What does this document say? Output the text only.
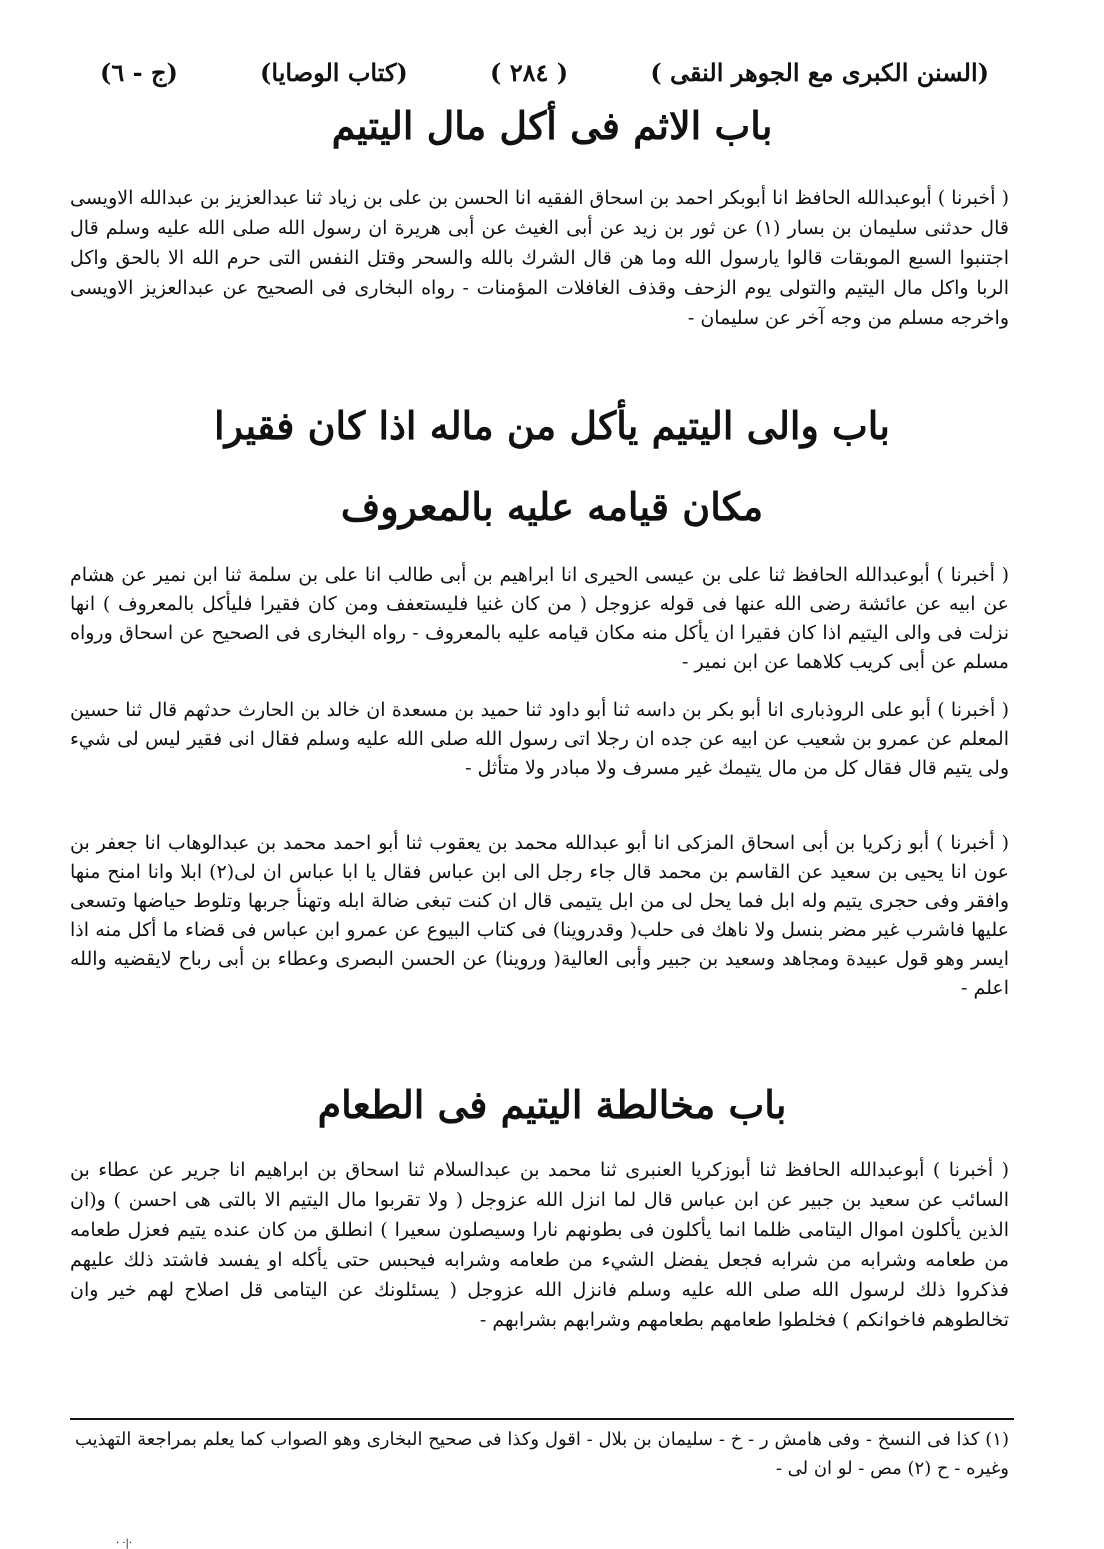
(السنن الكبرى مع الجوهر النقى )
( ٢٨٤ )
(كتاب الوصايا)
(ج - ٦)
باب الاثم فى أكل مال اليتيم
( أخبرنا ) أبوعبدالله الحافظ انا أبوبكر احمد بن اسحاق الفقيه انا الحسن بن على بن زياد ثنا عبدالعزيز بن عبدالله الاويسى قال حدثنى سليمان بن بسار (١) عن ثور بن زيد عن أبى الغيث عن أبى هريرة ان رسول الله صلى الله عليه وسلم قال اجتنبوا السبع الموبقات قالوا يارسول الله وما هن قال الشرك بالله والسحر وقتل النفس التى حرم الله الا بالحق واكل الربا واكل مال اليتيم والتولى يوم الزحف وقذف الغافلات المؤمنات - رواه البخارى فى الصحيح عن عبدالعزيز الاويسى واخرجه مسلم من وجه آخر عن سليمان -
باب والى اليتيم يأكل من ماله اذا كان فقيرا
مكان قيامه عليه بالمعروف
( أخبرنا ) أبوعبدالله الحافظ ثنا على بن عيسى الحيرى انا ابراهيم بن أبى طالب انا على بن سلمة ثنا ابن نمير عن هشام عن ابيه عن عائشة رضى الله عنها فى قوله عزوجل ( من كان غنيا فليستعفف ومن كان فقيرا فليأكل بالمعروف ) انها نزلت فى والى اليتيم اذا كان فقيرا ان يأكل منه مكان قيامه عليه بالمعروف - رواه البخارى فى الصحيح عن اسحاق ورواه مسلم عن أبى كريب كلاهما عن ابن نمير -
( أخبرنا ) أبو على الروذبارى انا أبو بكر بن داسه ثنا أبو داود ثنا حميد بن مسعدة ان خالد بن الحارث حدثهم قال ثنا حسين المعلم عن عمرو بن شعيب عن ابيه عن جده ان رجلا اتى رسول الله صلى الله عليه وسلم فقال انى فقير ليس لى شيء ولى يتيم قال فقال كل من مال يتيمك غير مسرف ولا مبادر ولا متأثل -
( أخبرنا ) أبو زكريا بن أبى اسحاق المزكى انا أبو عبدالله محمد بن يعقوب ثنا أبو احمد محمد بن عبدالوهاب انا جعفر بن عون انا يحيى بن سعيد عن القاسم بن محمد قال جاء رجل الى ابن عباس فقال يا ابا عباس ان لى(٢) ابلا وانا امنح منها وافقر وفى حجرى يتيم وله ابل فما يحل لى من ابل يتيمى قال ان كنت تبغى ضالة ابله وتهنأ جربها وتلوط حياضها وتسعى عليها فاشرب غير مضر بنسل ولا ناهك فى حلب( وقدروينا) فى كتاب البيوع عن عمرو ابن عباس فى قضاء ما أكل منه اذا ايسر وهو قول عبيدة ومجاهد وسعيد بن جبير وأبى العالية( وروينا) عن الحسن البصرى وعطاء بن أبى رباح لايقضيه والله اعلم -
باب مخالطة اليتيم فى الطعام
( أخبرنا ) أبوعبدالله الحافظ ثنا أبوزكريا العنبرى ثنا محمد بن عبدالسلام ثنا اسحاق بن ابراهيم انا جرير عن عطاء بن السائب عن سعيد بن جبير عن ابن عباس قال لما انزل الله عزوجل ( ولا تقربوا مال اليتيم الا بالتى هى احسن ) و(ان الذين يأكلون اموال اليتامى ظلما انما يأكلون فى بطونهم نارا وسيصلون سعيرا ) انطلق من كان عنده يتيم فعزل طعامه من طعامه وشرابه من شرابه فجعل يفضل الشيء من طعامه وشرابه فيحبس حتى يأكله او يفسد فاشتد ذلك عليهم فذكروا ذلك لرسول الله صلى الله عليه وسلم فانزل الله عزوجل ( يسئلونك عن اليتامى قل اصلاح لهم خير وان تخالطوهم فاخوانكم ) فخلطوا طعامهم بطعامهم وشرابهم بشرابهم -
(١) كذا فى النسخ - وفى هامش ر - خ - سليمان بن بلال - اقول وكذا فى صحيح البخارى وهو الصواب كما يعلم بمراجعة التهذيب وغيره - ح (٢) مص - لو ان لى -
· ·|·
